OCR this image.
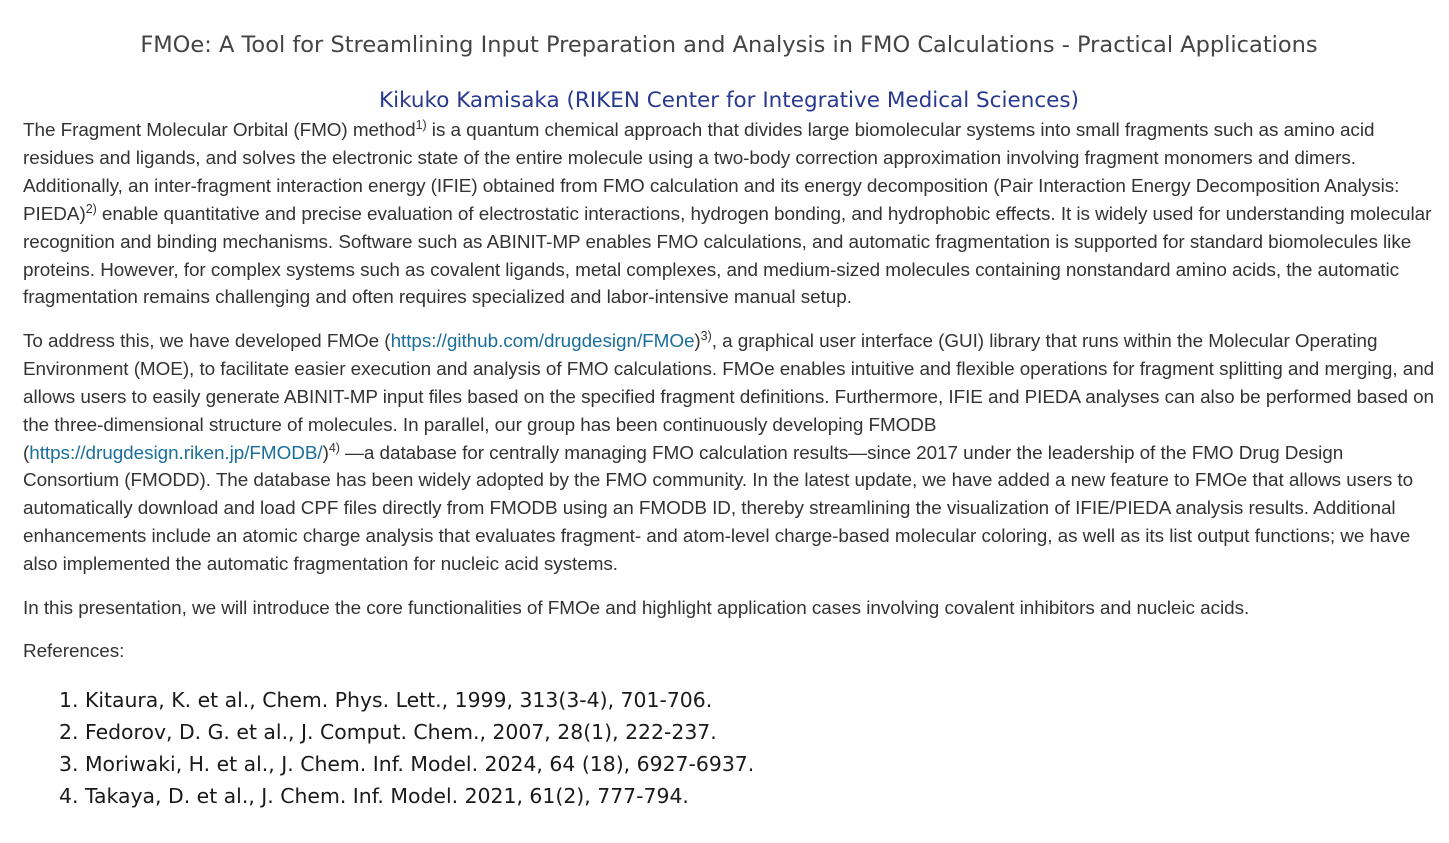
FMOe: A Tool for Streamlining Input Preparation and Analysis in FMO Calculations - Practical Applications
Kikuko Kamisaka (RIKEN Center for Integrative Medical Sciences)

The Fragment Molecular Orbital (FMO) method$^{1)}$ is a quantum chemical approach that divides large biomolecular systems into small fragments such as amino acid residues and ligands, and solves the electronic state of the entire molecule using a two-body correction approximation involving fragment monomers and dimers. Additionally, an inter-fragment interaction energy (IFIE) obtained from FMO calculation and its energy decomposition (Pair Interaction Energy Decomposition Analysis: PIEDA)$^{2)}$ enable quantitative and precise evaluation of electrostatic interactions, hydrogen bonding, and hydrophobic effects. It is widely used for understanding molecular recognition and binding mechanisms. Software such as ABINIT-MP enables FMO calculations, and automatic fragmentation is supported for standard biomolecules like proteins. However, for complex systems such as covalent ligands, metal complexes, and medium-sized molecules containing nonstandard amino acids, the automatic fragmentation remains challenging and often requires specialized and labor-intensive manual setup.

To address this, we have developed FMOe (https://github.com/drugdesign/FMOe)$^{3)}$, a graphical user interface (GUI) library that runs within the Molecular Operating Environment (MOE), to facilitate easier execution and analysis of FMO calculations. FMOe enables intuitive and flexible operations for fragment splitting and merging, and allows users to easily generate ABINIT-MP input files based on the specified fragment definitions. Furthermore, IFIE and PIEDA analyses can also be performed based on the three-dimensional structure of molecules. In parallel, our group has been continuously developing FMODB
(https://drugdesign.riken.jp/FMODB/)$^{4)}$ —a database for centrally managing FMO calculation results—since 2017 under the leadership of the FMO Drug Design Consortium (FMODD). The database has been widely adopted by the FMO community. In the latest update, we have added a new feature to FMOe that allows users to automatically download and load CPF files directly from FMODB using an FMODB ID, thereby streamlining the visualization of IFIE/PIEDA analysis results. Additional enhancements include an atomic charge analysis that evaluates fragment- and atom-level charge-based molecular coloring, as well as its list output functions; we have also implemented the automatic fragmentation for nucleic acid systems.

In this presentation, we will introduce the core functionalities of FMOe and highlight application cases involving covalent inhibitors and nucleic acids.

References:

1. Kitaura, K. et al., Chem. Phys. Lett., 1999, 313(3-4), 701-706.
2. Fedorov, D. G. et al., J. Comput. Chem., 2007, 28(1), 222-237.
3. Moriwaki, H. et al., J. Chem. Inf. Model. 2024, 64 (18), 6927-6937.
4. Takaya, D. et al., J. Chem. Inf. Model. 2021, 61(2), 777-794.
